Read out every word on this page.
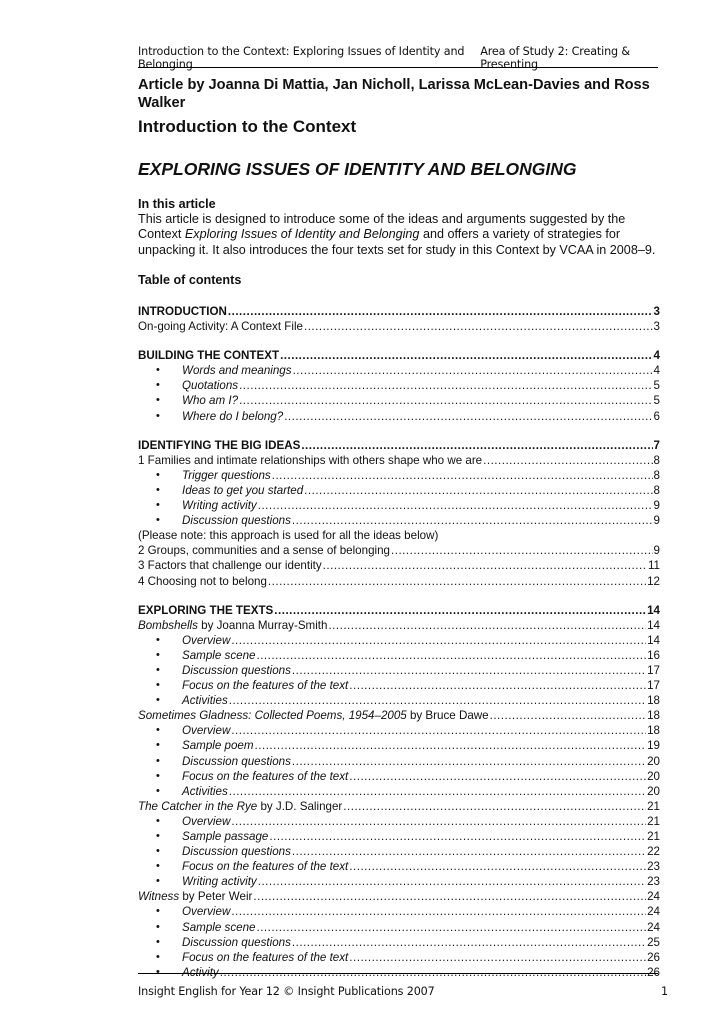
Introduction to the Context: Exploring Issues of Identity and Belonging
Area of Study 2: Creating & Presenting

Article by Joanna Di Mattia, Jan Nicholl, Larissa McLean-Davies and Ross Walker

Introduction to the Context

EXPLORING ISSUES OF IDENTITY AND BELONGING

In this article

This article is designed to introduce some of the ideas and arguments suggested by the Context Exploring Issues of Identity and Belonging and offers a variety of strategies for unpacking it. It also introduces the four texts set for study in this Context by VCAA in 2008–9.

Table of contents

INTRODUCTION .....	3
On-going Activity: A Context File .....	3
BUILDING THE CONTEXT .....	4
• Words and meanings .....	4
• Quotations .....	5
• Who am I? .....	5
• Where do I belong? .....	6
IDENTIFYING THE BIG IDEAS .....	7
1 Families and intimate relationships with others shape who we are .....	8
• Trigger questions .....	8
• Ideas to get you started .....	8
• Writing activity .....	9
• Discussion questions .....	9
(Please note: this approach is used for all the ideas below)
2 Groups, communities and a sense of belonging .....	9
3 Factors that challenge our identity .....	11
4 Choosing not to belong .....	12
EXPLORING THE TEXTS .....	14
Bombshells by Joanna Murray-Smith .....	14
• Overview .....	14
• Sample scene .....	16
• Discussion questions .....	17
• Focus on the features of the text .....	17
• Activities .....	18
Sometimes Gladness: Collected Poems, 1954–2005 by Bruce Dawe .....	18
• Overview .....	18
• Sample poem .....	19
• Discussion questions .....	20
• Focus on the features of the text .....	20
• Activities .....	20
The Catcher in the Rye by J.D. Salinger .....	21
• Overview .....	21
• Sample passage .....	21
• Discussion questions .....	22
• Focus on the features of the text .....	23
• Writing activity .....	23
Witness by Peter Weir .....	24
• Overview .....	24
• Sample scene .....	24
• Discussion questions .....	25
• Focus on the features of the text .....	26
• Activity .....	26
Insight English for Year 12 © Insight Publications 2007	1
